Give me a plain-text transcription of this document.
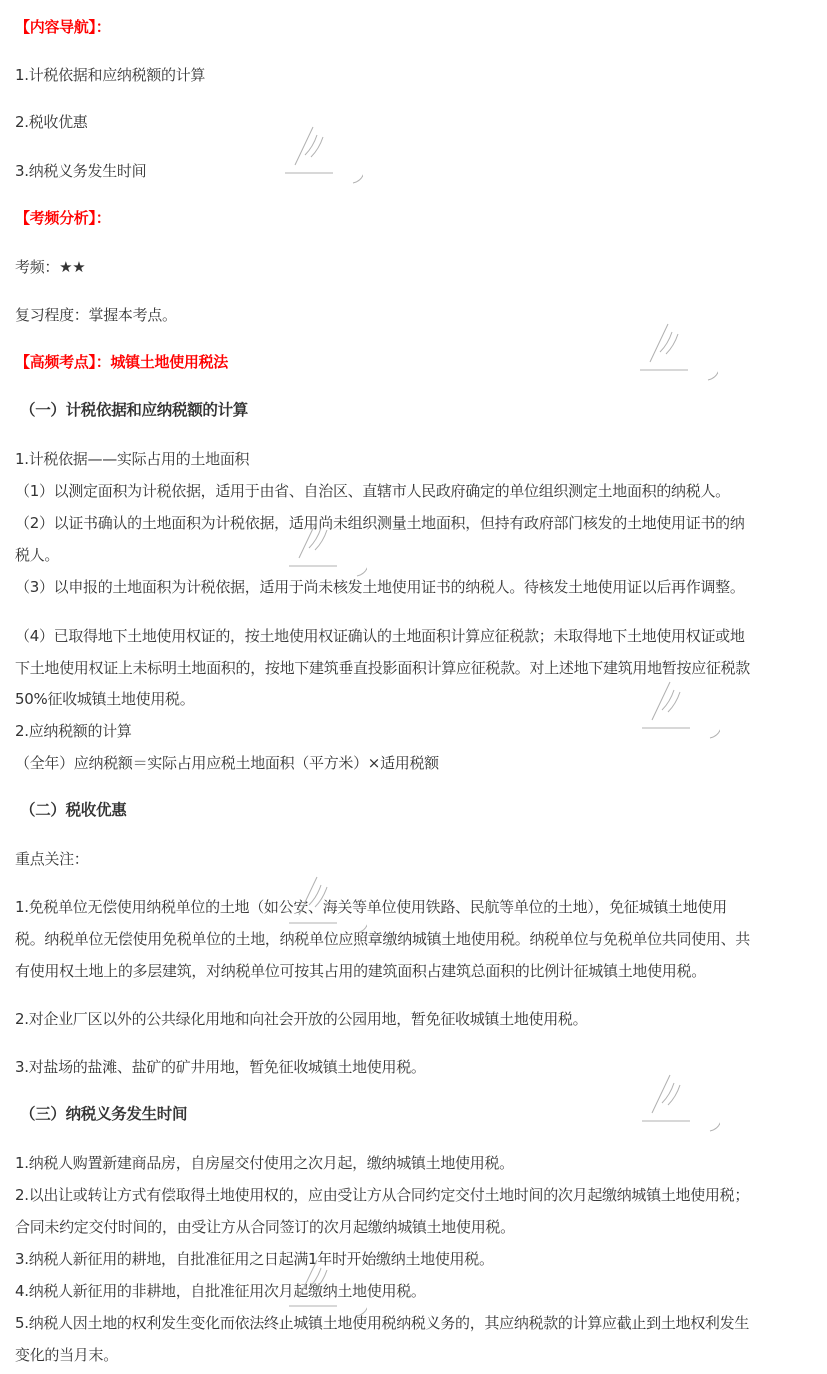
【内容导航】：
1.计税依据和应纳税额的计算
2.税收优惠
3.纳税义务发生时间
【考频分析】：
考频：★★
复习程度：掌握本考点。
【高频考点】：城镇土地使用税法
（一）计税依据和应纳税额的计算
1.计税依据——实际占用的土地面积
（1）以测定面积为计税依据，适用于由省、自治区、直辖市人民政府确定的单位组织测定土地面积的纳税人。
（2）以证书确认的土地面积为计税依据，适用尚未组织测量土地面积，但持有政府部门核发的土地使用证书的纳
税人。
（3）以申报的土地面积为计税依据，适用于尚未核发土地使用证书的纳税人。待核发土地使用证以后再作调整。
（4）已取得地下土地使用权证的，按土地使用权证确认的土地面积计算应征税款；未取得地下土地使用权证或地
下土地使用权证上未标明土地面积的，按地下建筑垂直投影面积计算应征税款。对上述地下建筑用地暂按应征税款
50%征收城镇土地使用税。
2.应纳税额的计算
（全年）应纳税额＝实际占用应税土地面积（平方米）×适用税额
（二）税收优惠
重点关注：
1.免税单位无偿使用纳税单位的土地（如公安、海关等单位使用铁路、民航等单位的土地），免征城镇土地使用
税。纳税单位无偿使用免税单位的土地，纳税单位应照章缴纳城镇土地使用税。纳税单位与免税单位共同使用、共
有使用权土地上的多层建筑，对纳税单位可按其占用的建筑面积占建筑总面积的比例计征城镇土地使用税。
2.对企业厂区以外的公共绿化用地和向社会开放的公园用地，暂免征收城镇土地使用税。
3.对盐场的盐滩、盐矿的矿井用地，暂免征收城镇土地使用税。
（三）纳税义务发生时间
1.纳税人购置新建商品房，自房屋交付使用之次月起，缴纳城镇土地使用税。
2.以出让或转让方式有偿取得土地使用权的，应由受让方从合同约定交付土地时间的次月起缴纳城镇土地使用税；
合同未约定交付时间的，由受让方从合同签订的次月起缴纳城镇土地使用税。
3.纳税人新征用的耕地，自批准征用之日起满1年时开始缴纳土地使用税。
4.纳税人新征用的非耕地，自批准征用次月起缴纳土地使用税。
5.纳税人因土地的权利发生变化而依法终止城镇土地使用税纳税义务的，其应纳税款的计算应截止到土地权利发生
变化的当月末。
